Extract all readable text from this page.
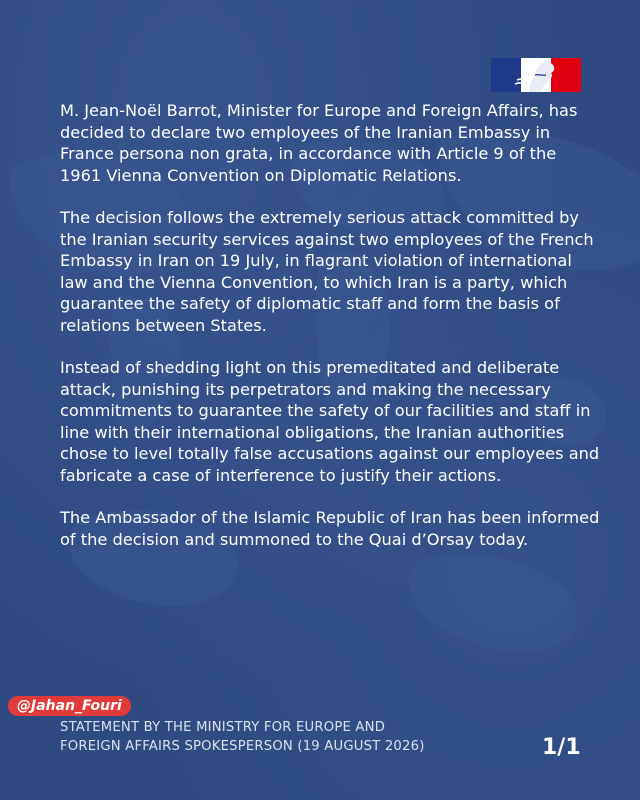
M. Jean-Noël Barrot, Minister for Europe and Foreign Affairs, has decided to declare two employees of the Iranian Embassy in France persona non grata, in accordance with Article 9 of the 1961 Vienna Convention on Diplomatic Relations.

The decision follows the extremely serious attack committed by the Iranian security services against two employees of the French Embassy in Iran on 19 July, in flagrant violation of international law and the Vienna Convention, to which Iran is a party, which guarantee the safety of diplomatic staff and form the basis of relations between States.

Instead of shedding light on this premeditated and deliberate attack, punishing its perpetrators and making the necessary commitments to guarantee the safety of our facilities and staff in line with their international obligations, the Iranian authorities chose to level totally false accusations against our employees and fabricate a case of interference to justify their actions.

The Ambassador of the Islamic Republic of Iran has been informed of the decision and summoned to the Quai d’Orsay today.

@Jahan_Fouri
STATEMENT BY THE MINISTRY FOR EUROPE AND
FOREIGN AFFAIRS SPOKESPERSON (19 AUGUST 2026)	1/1
